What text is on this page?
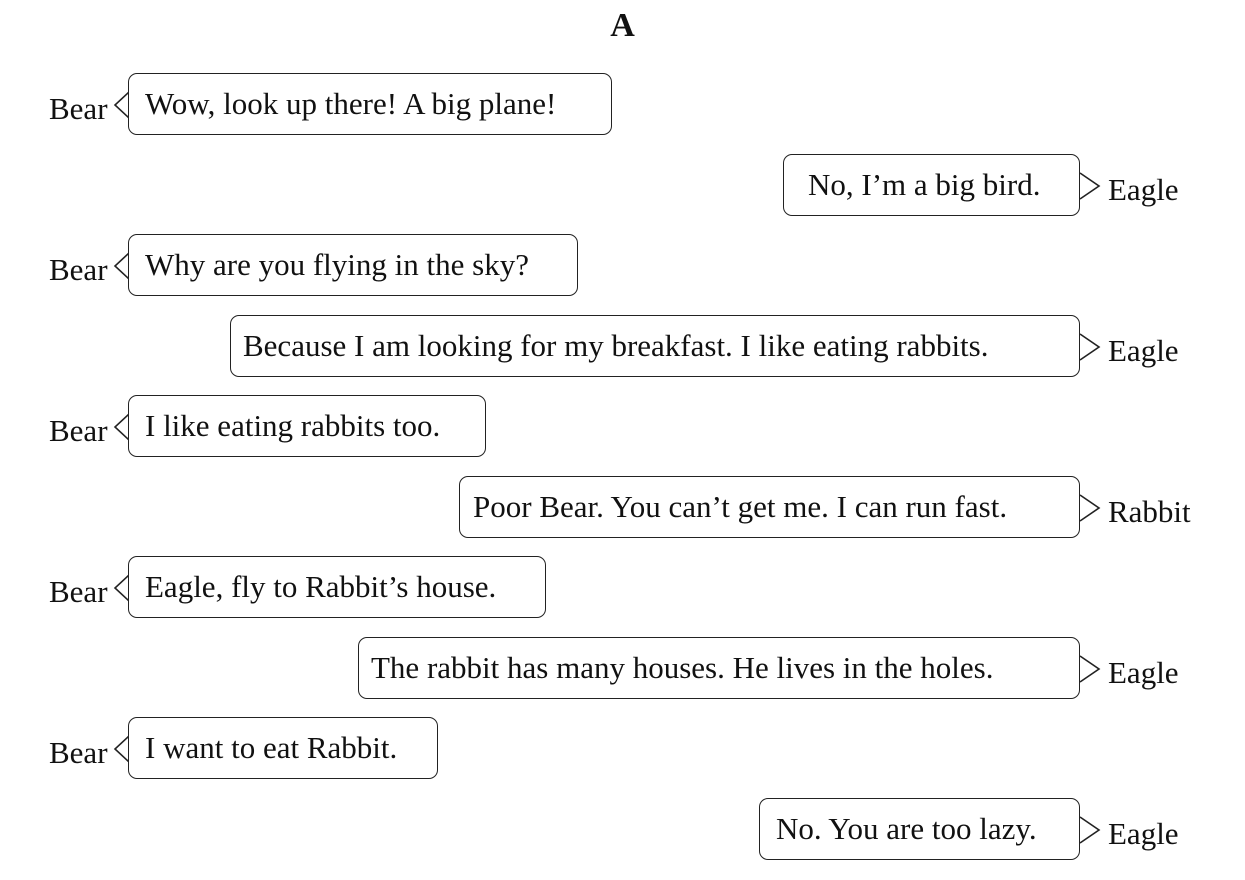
A
Bear	Wow, look up there! A big plane!
No, I’m a big bird.	Eagle
Bear	Why are you flying in the sky?
Because I am looking for my breakfast. I like eating rabbits.	Eagle
Bear	I like eating rabbits too.
Poor Bear. You can’t get me. I can run fast.	Rabbit
Bear	Eagle, fly to Rabbit’s house.
The rabbit has many houses. He lives in the holes.	Eagle
Bear	I want to eat Rabbit.
No. You are too lazy.	Eagle
